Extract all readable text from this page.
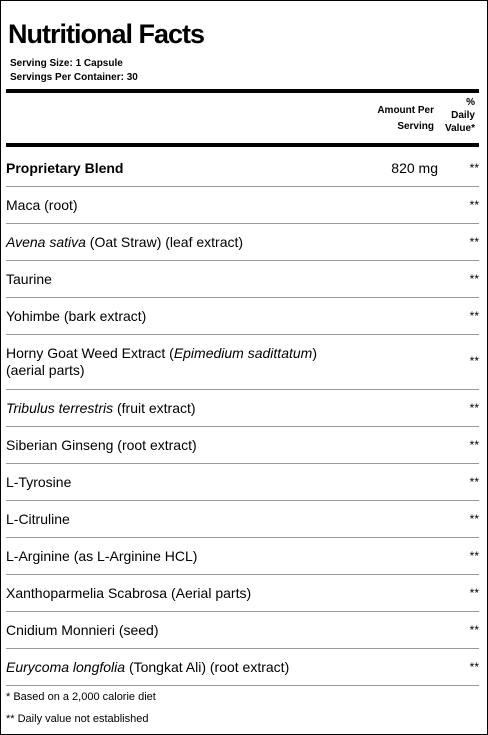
Nutritional Facts
Serving Size: 1 Capsule
Servings Per Container: 30
Amount Per
Serving
%
Daily
Value*
Proprietary Blend	820 mg	**
Maca (root)	**
Avena sativa (Oat Straw) (leaf extract)	**
Taurine	**
Yohimbe (bark extract)	**
Horny Goat Weed Extract (Epimedium sadittatum)
(aerial parts)
**
Tribulus terrestris (fruit extract)	**
Siberian Ginseng (root extract)	**
L-Tyrosine	**
L-Citruline	**
L-Arginine (as L-Arginine HCL)	**
Xanthoparmelia Scabrosa (Aerial parts)	**
Cnidium Monnieri (seed)	**
Eurycoma longfolia (Tongkat Ali) (root extract)	**
* Based on a 2,000 calorie diet
** Daily value not established
